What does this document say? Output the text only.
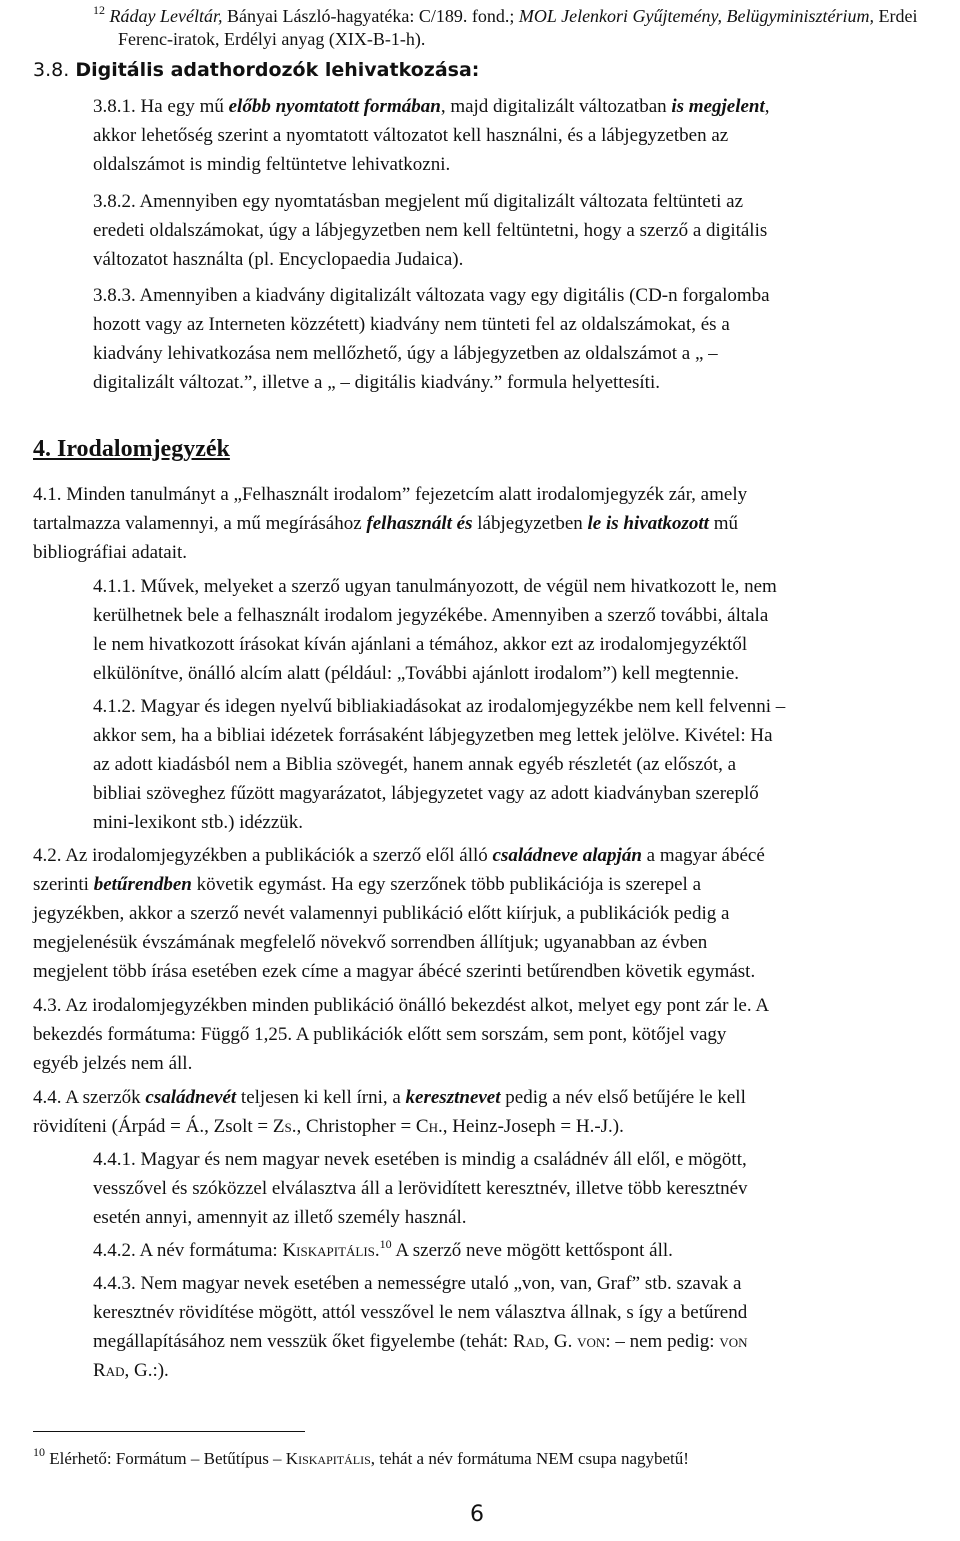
$^{12}$ Ráday Levéltár, Bányai László-hagyatéka: C/189. fond.; MOL Jelenkori Gyűjtemény, Belügyminisztérium, Erdei
Ferenc-iratok, Erdélyi anyag (XIX-B-1-h).
3.8. Digitális adathordozók lehivatkozása:
3.8.1. Ha egy mű előbb nyomtatott formában, majd digitalizált változatban is megjelent,
akkor lehetőség szerint a nyomtatott változatot kell használni, és a lábjegyzetben az
oldalszámot is mindig feltüntetve lehivatkozni.
3.8.2. Amennyiben egy nyomtatásban megjelent mű digitalizált változata feltünteti az
eredeti oldalszámokat, úgy a lábjegyzetben nem kell feltüntetni, hogy a szerző a digitális
változatot használta (pl. Encyclopaedia Judaica).
3.8.3. Amennyiben a kiadvány digitalizált változata vagy egy digitális (CD-n forgalomba
hozott vagy az Interneten közzétett) kiadvány nem tünteti fel az oldalszámokat, és a
kiadvány lehivatkozása nem mellőzhető, úgy a lábjegyzetben az oldalszámot a „ –
digitalizált változat.”, illetve a „ – digitális kiadvány.” formula helyettesíti.
4. Irodalomjegyzék
4.1. Minden tanulmányt a „Felhasznált irodalom” fejezetcím alatt irodalomjegyzék zár, amely
tartalmazza valamennyi, a mű megírásához felhasznált és lábjegyzetben le is hivatkozott mű
bibliográfiai adatait.
4.1.1. Művek, melyeket a szerző ugyan tanulmányozott, de végül nem hivatkozott le, nem
kerülhetnek bele a felhasznált irodalom jegyzékébe. Amennyiben a szerző további, általa
le nem hivatkozott írásokat kíván ajánlani a témához, akkor ezt az irodalomjegyzéktől
elkülönítve, önálló alcím alatt (például: „További ajánlott irodalom”) kell megtennie.
4.1.2. Magyar és idegen nyelvű bibliakiadásokat az irodalomjegyzékbe nem kell felvenni –
akkor sem, ha a bibliai idézetek forrásaként lábjegyzetben meg lettek jelölve. Kivétel: Ha
az adott kiadásból nem a Biblia szövegét, hanem annak egyéb részletét (az előszót, a
bibliai szöveghez fűzött magyarázatot, lábjegyzetet vagy az adott kiadványban szereplő
mini-lexikont stb.) idézzük.
4.2. Az irodalomjegyzékben a publikációk a szerző elől álló családneve alapján a magyar ábécé
szerinti betűrendben követik egymást. Ha egy szerzőnek több publikációja is szerepel a
jegyzékben, akkor a szerző nevét valamennyi publikáció előtt kiírjuk, a publikációk pedig a
megjelenésük évszámának megfelelő növekvő sorrendben állítjuk; ugyanabban az évben
megjelent több írása esetében ezek címe a magyar ábécé szerinti betűrendben követik egymást.
4.3. Az irodalomjegyzékben minden publikáció önálló bekezdést alkot, melyet egy pont zár le. A
bekezdés formátuma: Függő 1,25. A publikációk előtt sem sorszám, sem pont, kötőjel vagy
egyéb jelzés nem áll.
4.4. A szerzők családnevét teljesen ki kell írni, a keresztnevet pedig a név első betűjére le kell
rövidíteni (Árpád = Á., Zsolt = Zs., Christopher = Ch., Heinz-Joseph = H.-J.).
4.4.1. Magyar és nem magyar nevek esetében is mindig a családnév áll elől, e mögött,
vesszővel és szóközzel elválasztva áll a lerövidített keresztnév, illetve több keresztnév
esetén annyi, amennyit az illető személy használ.
4.4.2. A név formátuma: Kiskapitális.$^{10}$ A szerző neve mögött kettőspont áll.
4.4.3. Nem magyar nevek esetében a nemességre utaló „von, van, Graf” stb. szavak a
keresztnév rövidítése mögött, attól vesszővel le nem választva állnak, s így a betűrend
megállapításához nem vesszük őket figyelembe (tehát: Rad, G. von: – nem pedig: von
Rad, G.:).
$^{10}$ Elérhető: Formátum – Betűtípus – Kiskapitális, tehát a név formátuma NEM csupa nagybetű!
6
